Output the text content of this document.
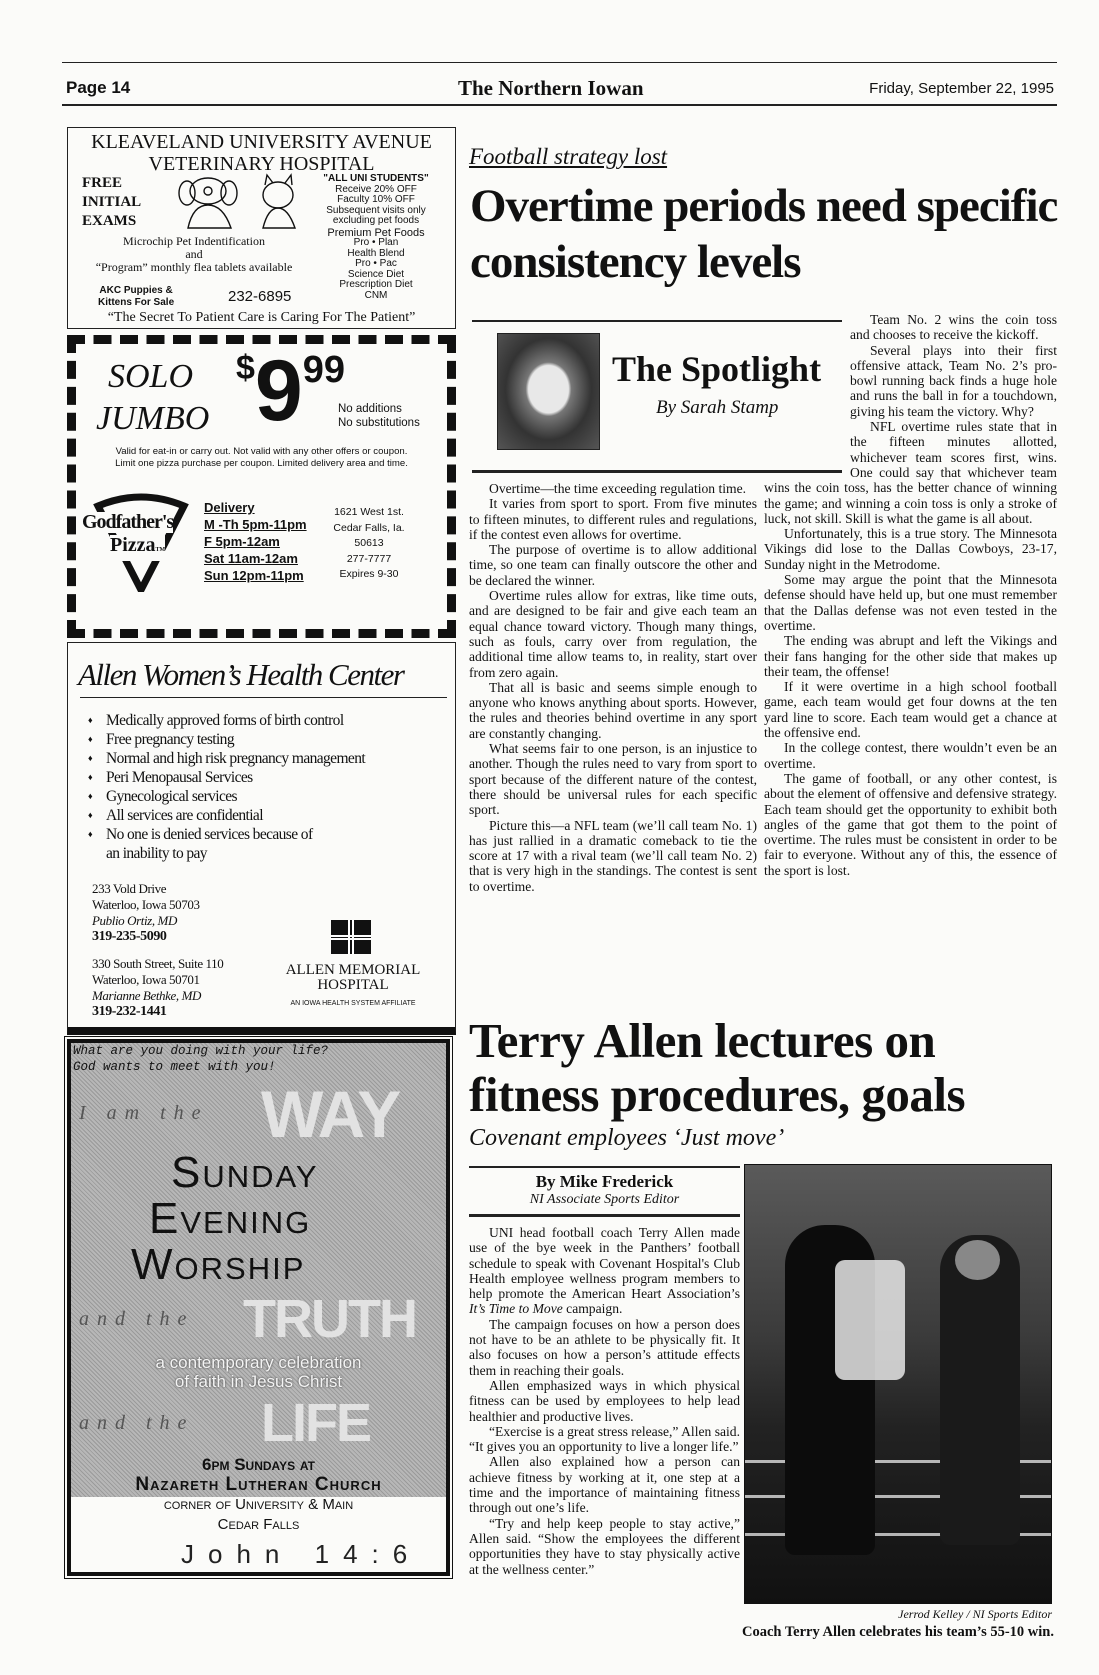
Page 14	The Northern Iowan	Friday, September 22, 1995
KLEAVELAND UNIVERSITY AVENUE
VETERINARY HOSPITAL
FREE
INITIAL
EXAMS
"ALL UNI STUDENTS"
Receive 20% OFF
Faculty 10% OFF
Subsequent visits only
excluding pet foods
Premium Pet Foods
Pro • Plan
Health Blend
Pro • Pac
Science Diet
Prescription Diet
CNM
Microchip Pet Indentification
and
“Program” monthly flea tablets available
AKC Puppies &
Kittens For Sale	232-6895
“The Secret To Patient Care is Caring For The Patient”
SOLO
JUMBO
$999
No additions
No substitutions
Valid for eat-in or carry out. Not valid with any other offers or coupon.
Limit one pizza purchase per coupon. Limited delivery area and time.
Godfather's
PizzaTM
Delivery
M -Th 5pm-11pm
F 5pm-12am
Sat 11am-12am
Sun 12pm-11pm
1621 West 1st.
Cedar Falls, Ia.
50613
277-7777
Expires 9-30
Allen Women’s Health Center
♦ Medically approved forms of birth control
♦ Free pregnancy testing
♦ Normal and high risk pregnancy management
♦ Peri Menopausal Services
♦ Gynecological services
♦ All services are confidential
♦ No one is denied services because of an inability to pay
233 Vold Drive
Waterloo, Iowa 50703
Publio Ortiz, MD
319-235-5090
330 South Street, Suite 110
Waterloo, Iowa 50701
Marianne Bethke, MD
319-232-1441
ALLEN MEMORIAL
HOSPITAL
AN IOWA HEALTH SYSTEM AFFILIATE
What are you doing with your life?
God wants to meet with you!
I am the WAY
Sunday
Evening
Worship
and the TRUTH
a contemporary celebration
of faith in Jesus Christ
and the LIFE
6pm Sundays at
Nazareth Lutheran Church
corner of University & Main
Cedar Falls
John 14:6
Football strategy lost
Overtime periods need specific consistency levels
The Spotlight
By Sarah Stamp

Overtime—the time exceeding regulation time.

It varies from sport to sport. From five minutes to fifteen minutes, to different rules and regulations, if the contest even allows for overtime.

The purpose of overtime is to allow additional time, so one team can finally outscore the other and be declared the winner.

Overtime rules allow for extras, like time outs, and are designed to be fair and give each team an equal chance toward victory. Though many things, such as fouls, carry over from regulation, the additional time allow teams to, in reality, start over from zero again.

That all is basic and seems simple enough to anyone who knows anything about sports. However, the rules and theories behind overtime in any sport are constantly changing.

What seems fair to one person, is an injustice to another. Though the rules need to vary from sport to sport because of the different nature of the contest, there should be universal rules for each specific sport.

Picture this—a NFL team (we’ll call team No. 1) has just rallied in a dramatic comeback to tie the score at 17 with a rival team (we’ll call team No. 2) that is very high in the standings. The contest is sent to overtime.

Team No. 2 wins the coin toss and chooses to receive the kickoff.

Several plays into their first offensive attack, Team No. 2’s pro-bowl running back finds a huge hole and runs the ball in for a touchdown, giving his team the victory. Why?

NFL overtime rules state that in the fifteen minutes allotted, whichever team scores first, wins. One could say that whichever team wins the coin toss, has the better chance of winning the game; and winning a coin toss is only a stroke of luck, not skill. Skill is what the game is all about.

Unfortunately, this is a true story. The Minnesota Vikings did lose to the Dallas Cowboys, 23-17, Sunday night in the Metrodome.

Some may argue the point that the Minnesota defense should have held up, but one must remember that the Dallas defense was not even tested in the overtime.

The ending was abrupt and left the Vikings and their fans hanging for the other side that makes up their team, the offense!

If it were overtime in a high school football game, each team would get four downs at the ten yard line to score. Each team would get a chance at the offensive end.

In the college contest, there wouldn’t even be an overtime.

The game of football, or any other contest, is about the element of offensive and defensive strategy. Each team should get the opportunity to exhibit both angles of the game that got them to the point of overtime. The rules must be consistent in order to be fair to everyone. Without any of this, the essence of the sport is lost.

Terry Allen lectures on fitness procedures, goals
Covenant employees ‘Just move’
By Mike Frederick
NI Associate Sports Editor

UNI head football coach Terry Allen made use of the bye week in the Panthers’ football schedule to speak with Covenant Hospital's Club Health employee wellness program members to help promote the American Heart Association’s It’s Time to Move campaign.

The campaign focuses on how a person does not have to be an athlete to be physically fit. It also focuses on how a person’s attitude effects them in reaching their goals.

Allen emphasized ways in which physical fitness can be used by employees to help lead healthier and productive lives.

“Exercise is a great stress release,” Allen said. “It gives you an opportunity to live a longer life.”

Allen also explained how a person can achieve fitness by working at it, one step at a time and the importance of maintaining fitness through out one’s life.

“Try and help keep people to stay active,” Allen said. “Show the employees the different opportunities they have to stay physically active at the wellness center.”

Jerrod Kelley / NI Sports Editor
Coach Terry Allen celebrates his team’s 55-10 win.
